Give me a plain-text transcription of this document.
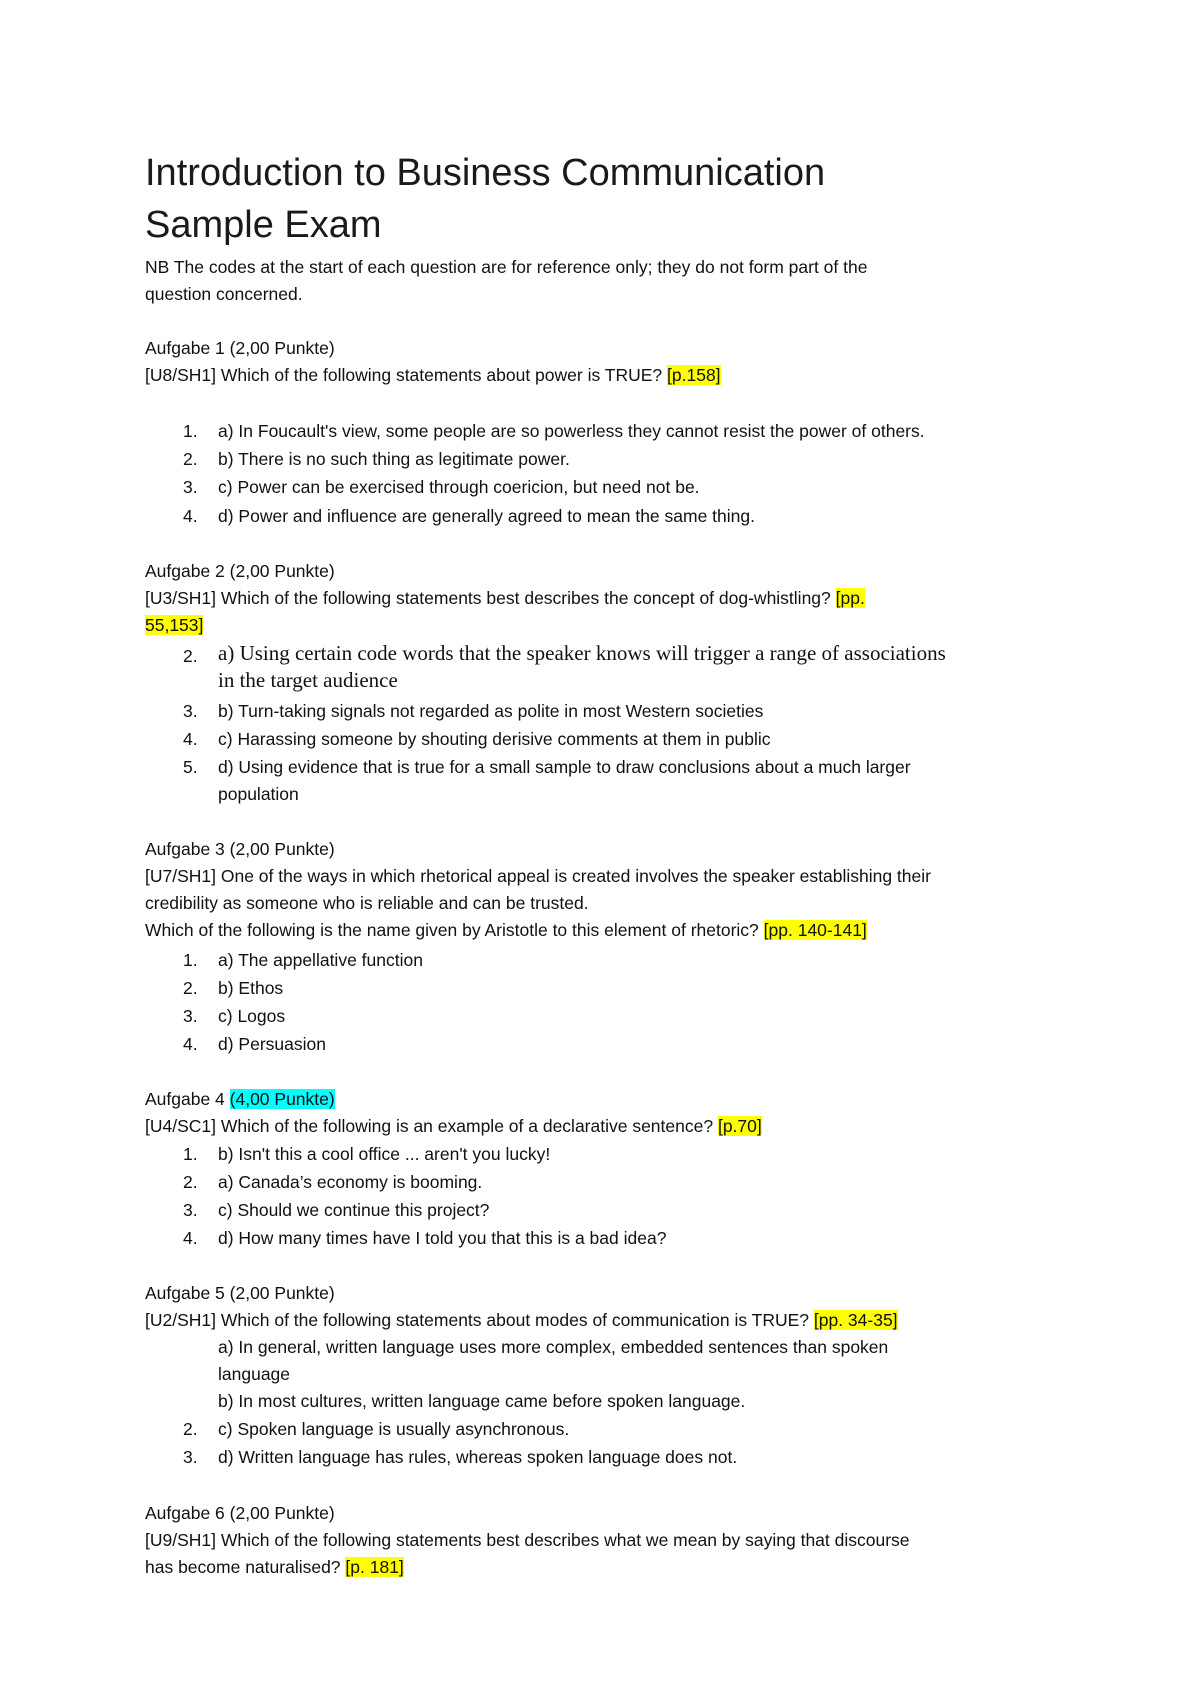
Introduction to Business Communication
Sample Exam
NB The codes at the start of each question are for reference only; they do not form part of the
question concerned.
Aufgabe 1 (2,00 Punkte)
[U8/SH1] Which of the following statements about power is TRUE? [p.158]
1.	a) In Foucault's view, some people are so powerless they cannot resist the power of others.
2.	b) There is no such thing as legitimate power.
3.	c) Power can be exercised through coericion, but need not be.
4.	d) Power and influence are generally agreed to mean the same thing.
Aufgabe 2 (2,00 Punkte)
[U3/SH1] Which of the following statements best describes the concept of dog-whistling? [pp.
55,153]
2. a) Using certain code words that the speaker knows will trigger a range of associations
in the target audience
3.	b) Turn-taking signals not regarded as polite in most Western societies
4.	c) Harassing someone by shouting derisive comments at them in public
5.	d) Using evidence that is true for a small sample to draw conclusions about a much larger
population
Aufgabe 3 (2,00 Punkte)
[U7/SH1] One of the ways in which rhetorical appeal is created involves the speaker establishing their
credibility as someone who is reliable and can be trusted.
Which of the following is the name given by Aristotle to this element of rhetoric? [pp. 140-141]
1.	a) The appellative function
2.	b) Ethos
3.	c) Logos
4.	d) Persuasion
Aufgabe 4 (4,00 Punkte)
[U4/SC1] Which of the following is an example of a declarative sentence? [p.70]
1.	b) Isn't this a cool office ... aren't you lucky!
2.	a) Canada’s economy is booming.
3.	c) Should we continue this project?
4.	d) How many times have I told you that this is a bad idea?
Aufgabe 5 (2,00 Punkte)
[U2/SH1] Which of the following statements about modes of communication is TRUE? [pp. 34-35]
a) In general, written language uses more complex, embedded sentences than spoken
language
b) In most cultures, written language came before spoken language.
2.	c) Spoken language is usually asynchronous.
3.	d) Written language has rules, whereas spoken language does not.
Aufgabe 6 (2,00 Punkte)
[U9/SH1] Which of the following statements best describes what we mean by saying that discourse
has become naturalised? [p. 181]
